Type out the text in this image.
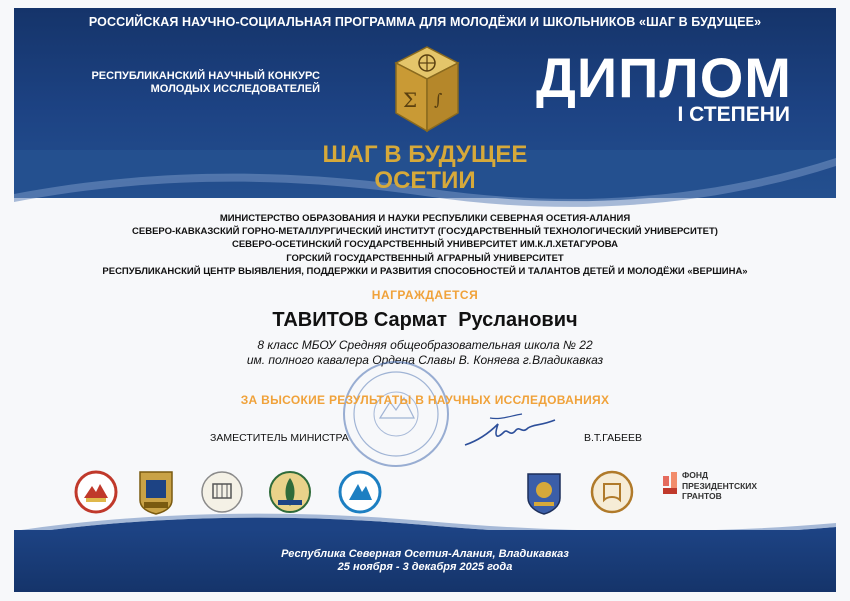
РОССИЙСКАЯ НАУЧНО-СОЦИАЛЬНАЯ ПРОГРАММА ДЛЯ МОЛОДЁЖИ И ШКОЛЬНИКОВ «ШАГ В БУДУЩЕЕ»
РЕСПУБЛИКАНСКИЙ НАУЧНЫЙ КОНКУРС
МОЛОДЫХ ИССЛЕДОВАТЕЛЕЙ	ДИПЛОМ
I СТЕПЕНИ
Σ ∫
ШАГ В БУДУЩЕЕ
ОСЕТИИ
МИНИСТЕРСТВО ОБРАЗОВАНИЯ И НАУКИ РЕСПУБЛИКИ СЕВЕРНАЯ ОСЕТИЯ-АЛАНИЯ
СЕВЕРО-КАВКАЗСКИЙ ГОРНО-МЕТАЛЛУРГИЧЕСКИЙ ИНСТИТУТ (ГОСУДАРСТВЕННЫЙ ТЕХНОЛОГИЧЕСКИЙ УНИВЕРСИТЕТ)
СЕВЕРО-ОСЕТИНСКИЙ ГОСУДАРСТВЕННЫЙ УНИВЕРСИТЕТ ИМ.К.Л.ХЕТАГУРОВА
ГОРСКИЙ ГОСУДАРСТВЕННЫЙ АГРАРНЫЙ УНИВЕРСИТЕТ
РЕСПУБЛИКАНСКИЙ ЦЕНТР ВЫЯВЛЕНИЯ, ПОДДЕРЖКИ И РАЗВИТИЯ СПОСОБНОСТЕЙ И ТАЛАНТОВ ДЕТЕЙ И МОЛОДЁЖИ «ВЕРШИНА»
НАГРАЖДАЕТСЯ
ТАВИТОВ Сармат  Русланович
8 класс МБОУ Средняя общеобразовательная школа № 22
им. полного кавалера Ордена Славы В. Коняева г.Владикавказ
ЗА ВЫСОКИЕ РЕЗУЛЬТАТЫ В НАУЧНЫХ ИССЛЕДОВАНИЯХ
ЗАМЕСТИТЕЛЬ МИНИСТРА	В.Т.ГАБЕЕВ
ФОНД
ПРЕЗИДЕНТСКИХ
ГРАНТОВ
Республика Северная Осетия-Алания, Владикавказ
25 ноября - 3 декабря 2025 года
